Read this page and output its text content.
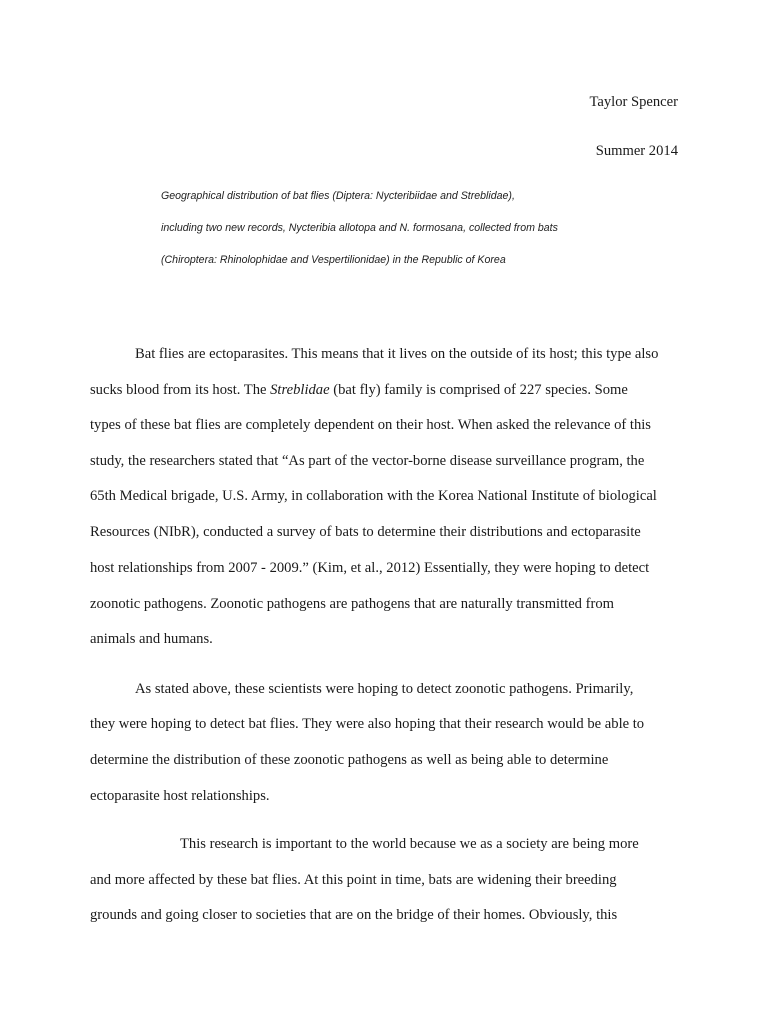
Taylor Spencer
Summer 2014
Geographical distribution of bat flies (Diptera: Nycteribiidae and Streblidae),
including two new records, Nycteribia allotopa and N. formosana, collected from bats
(Chiroptera: Rhinolophidae and Vespertilionidae) in the Republic of Korea
Bat flies are ectoparasites. This means that it lives on the outside of its host; this type also
sucks blood from its host. The Streblidae (bat fly) family is comprised of 227 species. Some
types of these bat flies are completely dependent on their host. When asked the relevance of this
study, the researchers stated that “As part of the vector-borne disease surveillance program, the
65th Medical brigade, U.S. Army, in collaboration with the Korea National Institute of biological
Resources (NIbR), conducted a survey of bats to determine their distributions and ectoparasite
host relationships from 2007 - 2009.” (Kim, et al., 2012) Essentially, they were hoping to detect
zoonotic pathogens. Zoonotic pathogens are pathogens that are naturally transmitted from
animals and humans.
As stated above, these scientists were hoping to detect zoonotic pathogens. Primarily,
they were hoping to detect bat flies. They were also hoping that their research would be able to
determine the distribution of these zoonotic pathogens as well as being able to determine
ectoparasite host relationships.
This research is important to the world because we as a society are being more
and more affected by these bat flies. At this point in time, bats are widening their breeding
grounds and going closer to societies that are on the bridge of their homes. Obviously, this
